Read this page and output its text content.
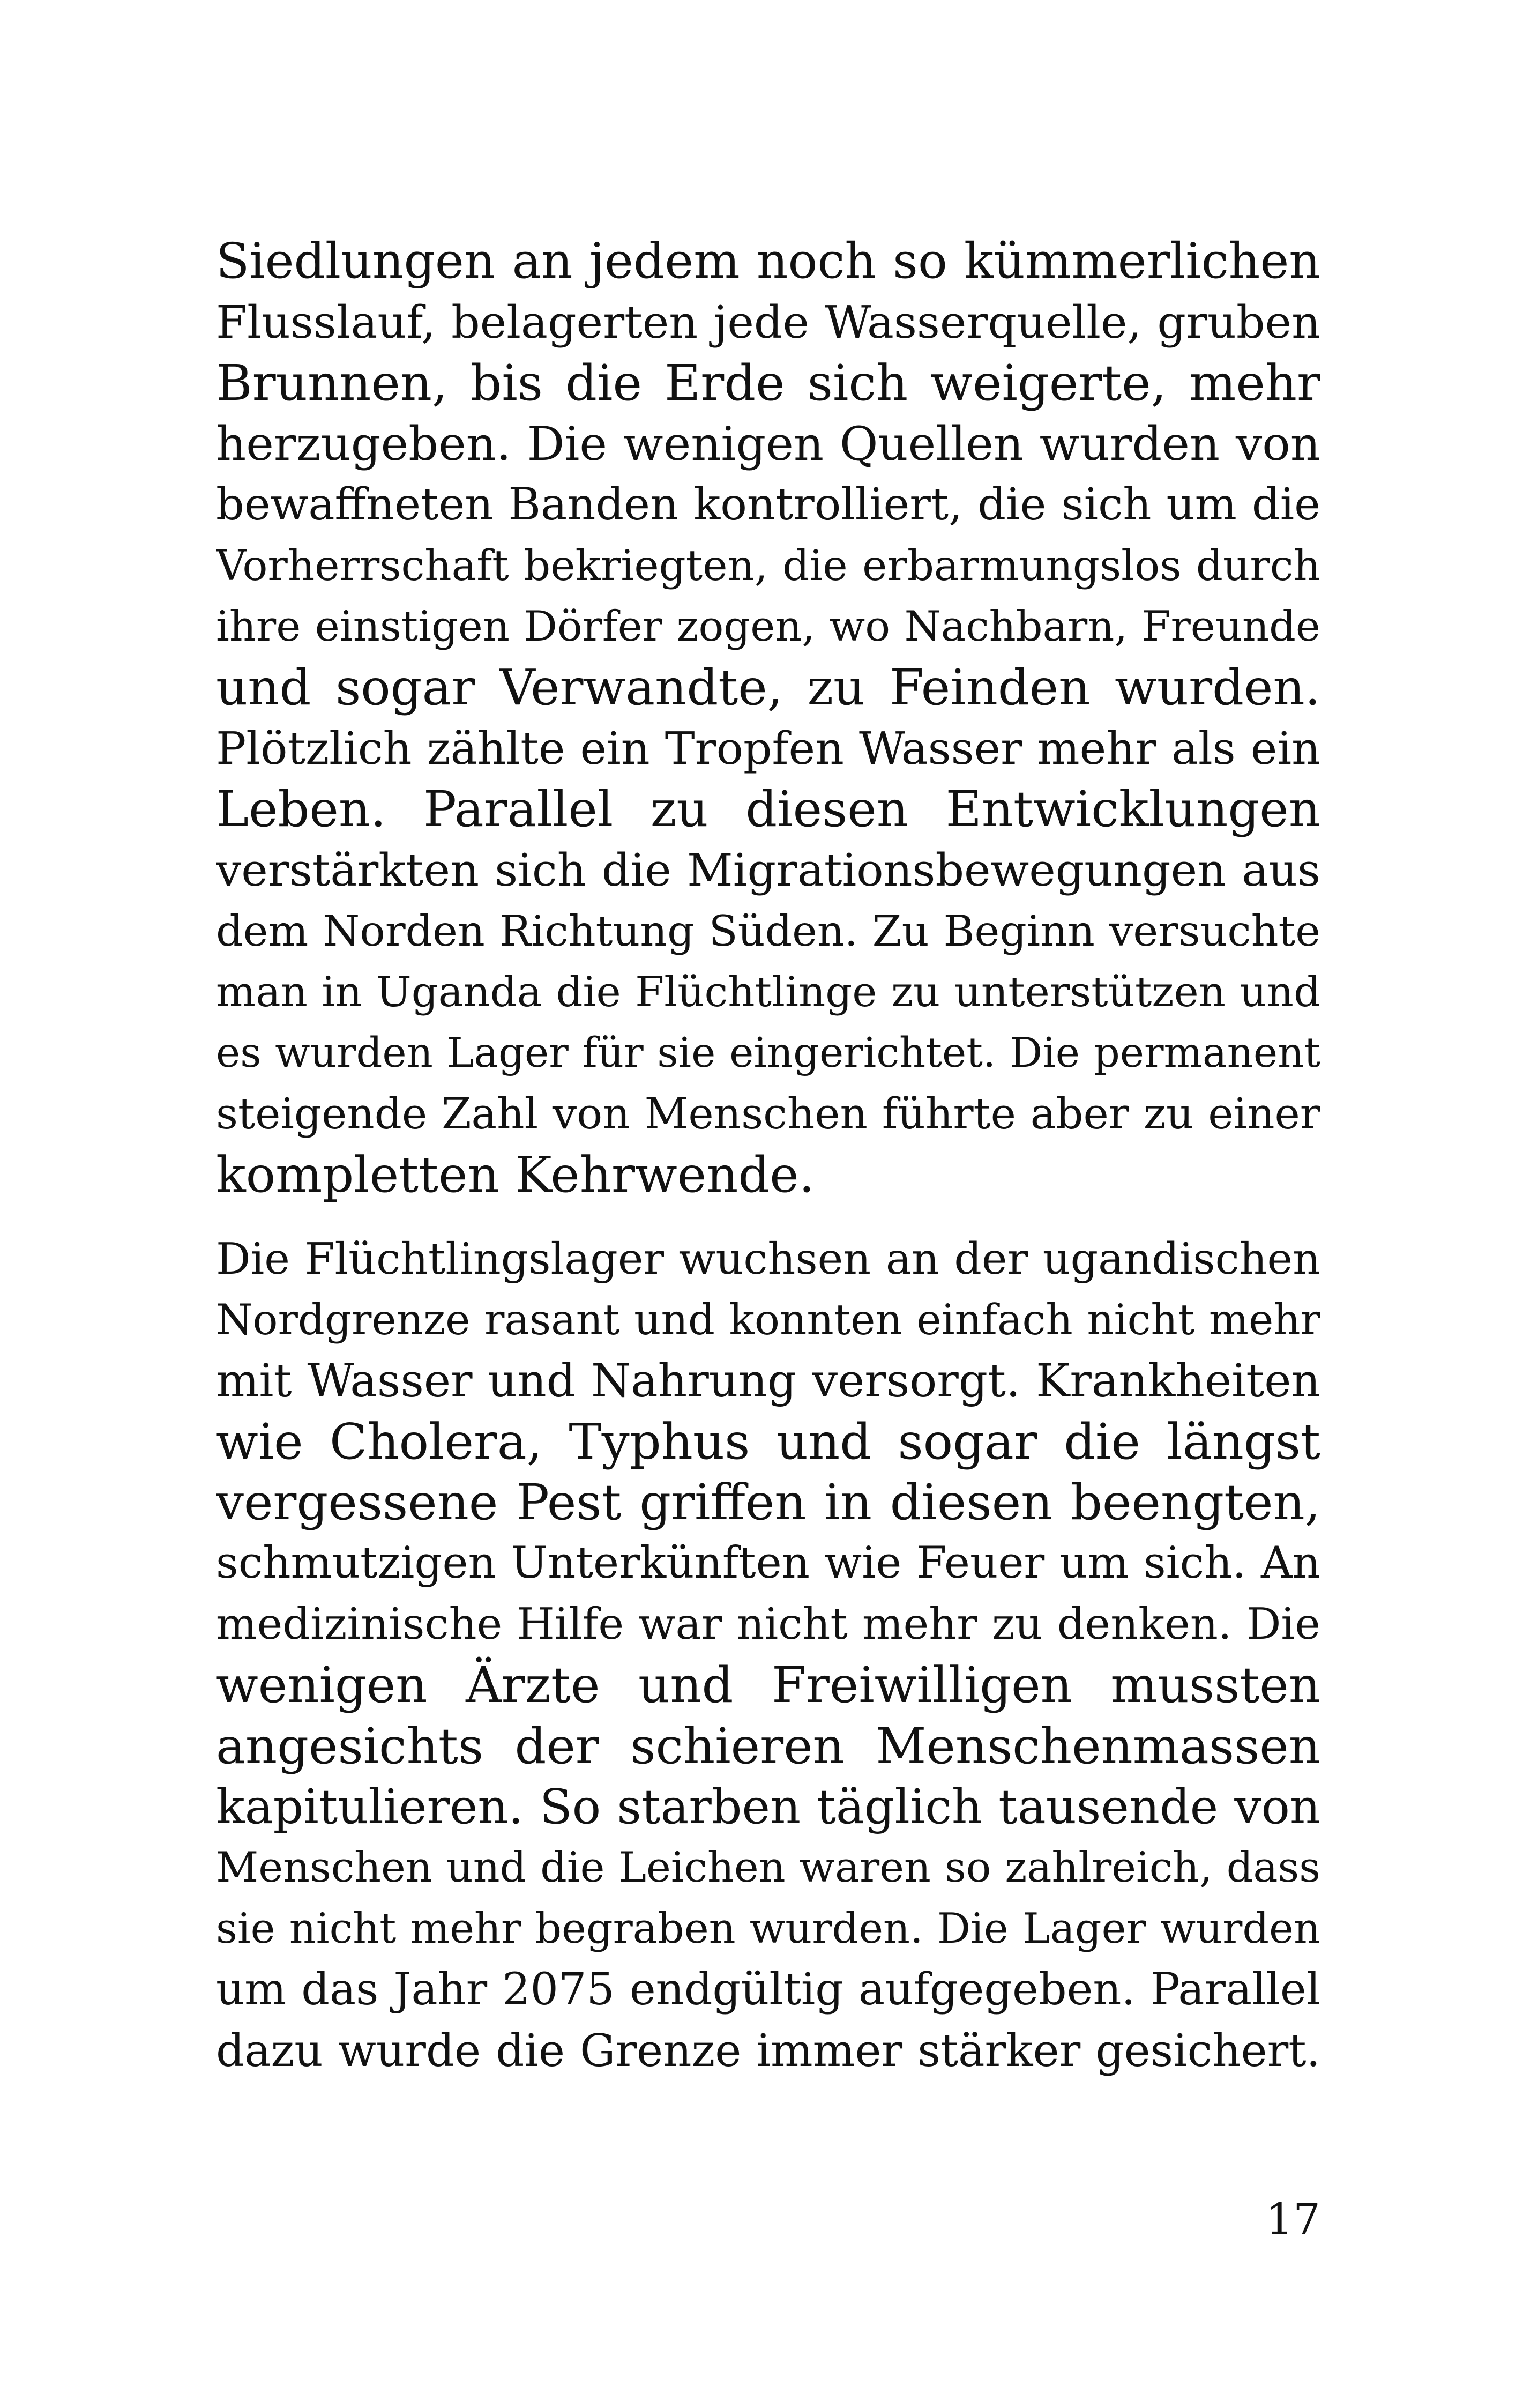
Siedlungen an jedem noch so kümmerlichen
Flusslauf, belagerten jede Wasserquelle, gruben
Brunnen, bis die Erde sich weigerte, mehr
herzugeben. Die wenigen Quellen wurden von
bewaffneten Banden kontrolliert, die sich um die
Vorherrschaft bekriegten, die erbarmungslos durch
ihre einstigen Dörfer zogen, wo Nachbarn, Freunde
und sogar Verwandte, zu Feinden wurden.
Plötzlich zählte ein Tropfen Wasser mehr als ein
Leben. Parallel zu diesen Entwicklungen
verstärkten sich die Migrationsbewegungen aus
dem Norden Richtung Süden. Zu Beginn versuchte
man in Uganda die Flüchtlinge zu unterstützen und
es wurden Lager für sie eingerichtet. Die permanent
steigende Zahl von Menschen führte aber zu einer
kompletten Kehrwende.
Die Flüchtlingslager wuchsen an der ugandischen
Nordgrenze rasant und konnten einfach nicht mehr
mit Wasser und Nahrung versorgt. Krankheiten
wie Cholera, Typhus und sogar die längst
vergessene Pest griffen in diesen beengten,
schmutzigen Unterkünften wie Feuer um sich. An
medizinische Hilfe war nicht mehr zu denken. Die
wenigen Ärzte und Freiwilligen mussten
angesichts der schieren Menschenmassen
kapitulieren. So starben täglich tausende von
Menschen und die Leichen waren so zahlreich, dass
sie nicht mehr begraben wurden. Die Lager wurden
um das Jahr 2075 endgültig aufgegeben. Parallel
dazu wurde die Grenze immer stärker gesichert.
17
